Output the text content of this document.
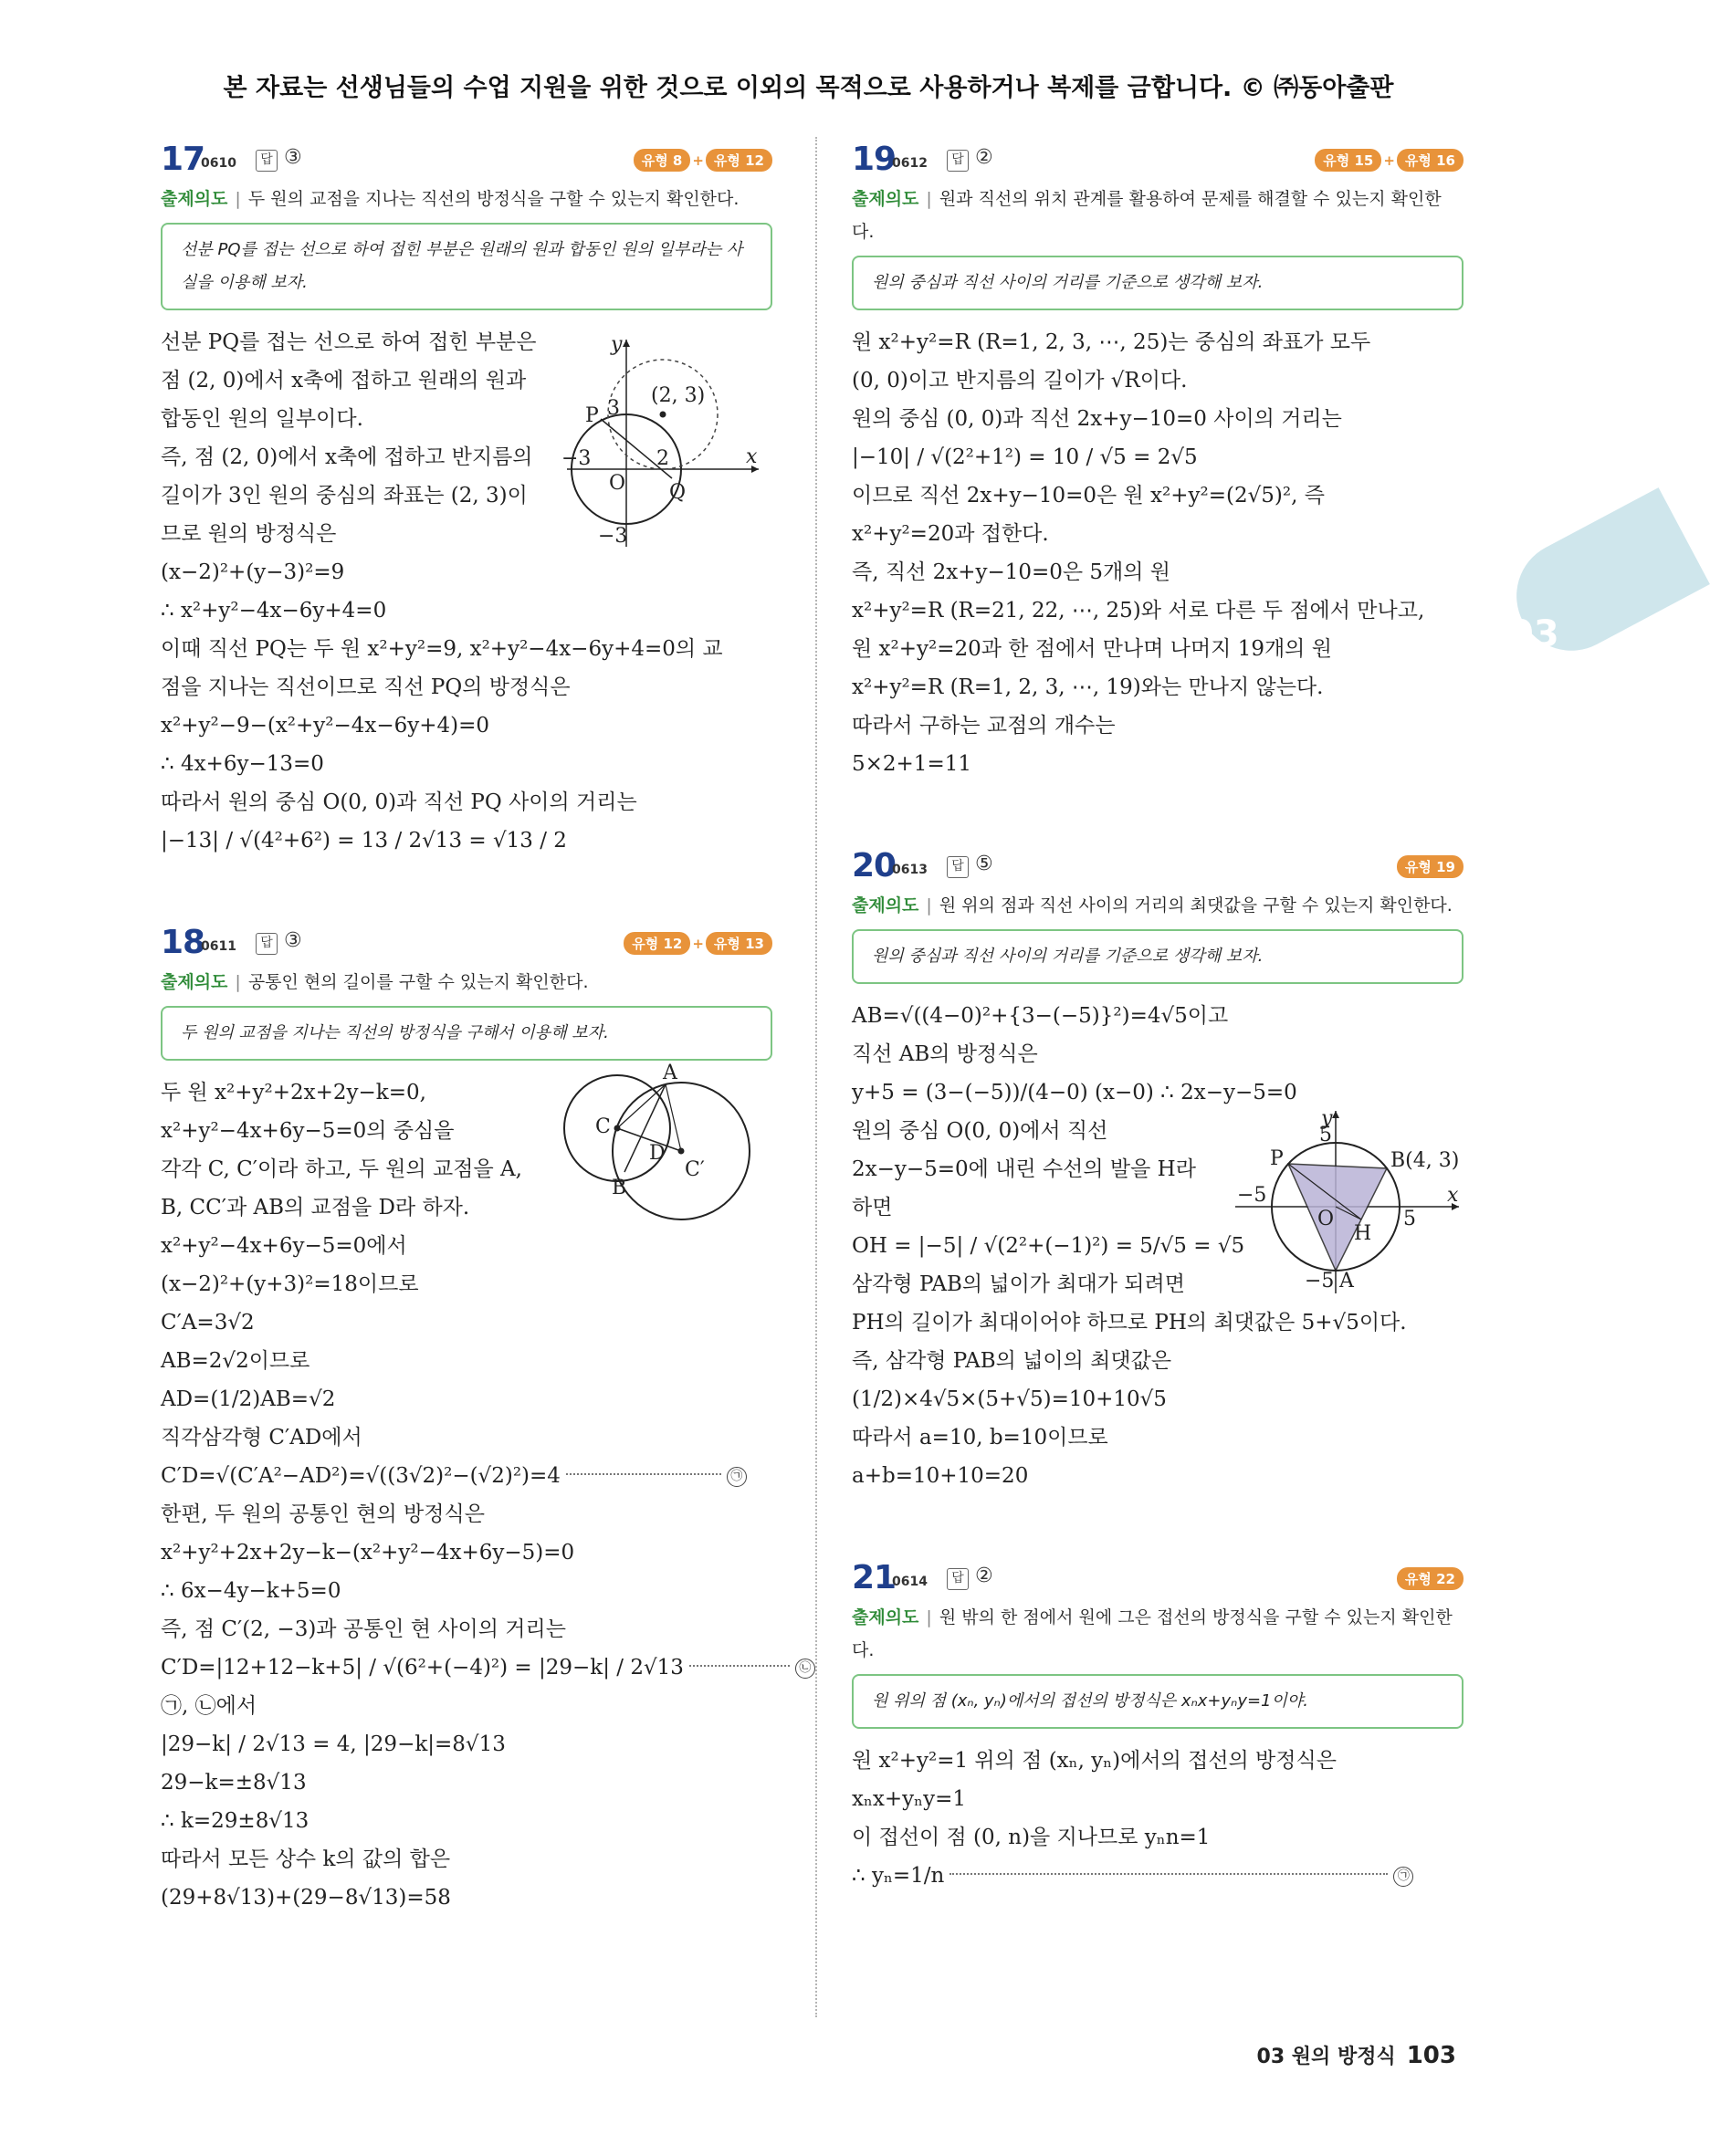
본 자료는 선생님들의 수업 지원을 위한 것으로 이외의 목적으로 사용하거나 복제를 금합니다. © ㈜동아출판
03
17
0610	답 ③	유형 8 + 유형 12
출제의도 | 두 원의 교점을 지나는 직선의 방정식을 구할 수 있는지 확인한다.
선분 PQ를 접는 선으로 하여 접힌 부분은 원래의 원과 합동인 원의 일부라는 사실을 이용해 보자.
선분 PQ를 접는 선으로 하여 접힌 부분은
점 (2, 0)에서 x축에 접하고 원래의 원과
합동인 원의 일부이다.
즉, 점 (2, 0)에서 x축에 접하고 반지름의
길이가 3인 원의 중심의 좌표는 (2, 3)이
므로 원의 방정식은
(x−2)²+(y−3)²=9
∴ x²+y²−4x−6y+4=0
이때 직선 PQ는 두 원 x²+y²=9, x²+y²−4x−6y+4=0의 교
점을 지나는 직선이므로 직선 PQ의 방정식은
x²+y²−9−(x²+y²−4x−6y+4)=0
∴ 4x+6y−13=0
따라서 원의 중심 O(0, 0)과 직선 PQ 사이의 거리는
|−13| / √(4²+6²) = 13 / 2√13 = √13 / 2
y
x
O
P
Q
3
−3	2
−3
(2, 3)
18
0611	답 ③	유형 12 + 유형 13
출제의도 | 공통인 현의 길이를 구할 수 있는지 확인한다.
두 원의 교점을 지나는 직선의 방정식을 구해서 이용해 보자.
두 원 x²+y²+2x+2y−k=0,
x²+y²−4x+6y−5=0의 중심을
각각 C, C′이라 하고, 두 원의 교점을 A,
B, CC′과 AB의 교점을 D라 하자.
x²+y²−4x+6y−5=0에서
(x−2)²+(y+3)²=18이므로
C′A=3√2
AB=2√2이므로
AD=(1/2)AB=√2
직각삼각형 C′AD에서
C′D=√(C′A²−AD²)=√((3√2)²−(√2)²)=4	㉠
한편, 두 원의 공통인 현의 방정식은
x²+y²+2x+2y−k−(x²+y²−4x+6y−5)=0
∴ 6x−4y−k+5=0
즉, 점 C′(2, −3)과 공통인 현 사이의 거리는
C′D=|12+12−k+5| / √(6²+(−4)²) = |29−k| / 2√13	㉡
㉠, ㉡에서
|29−k| / 2√13 = 4, |29−k|=8√13
29−k=±8√13
∴ k=29±8√13
따라서 모든 상수 k의 값의 합은
(29+8√13)+(29−8√13)=58
A
B
C
C′
D
19
0612	답 ②	유형 15 + 유형 16
출제의도 | 원과 직선의 위치 관계를 활용하여 문제를 해결할 수 있는지 확인한다.
원의 중심과 직선 사이의 거리를 기준으로 생각해 보자.
원 x²+y²=R (R=1, 2, 3, ⋯, 25)는 중심의 좌표가 모두
(0, 0)이고 반지름의 길이가 √R이다.
원의 중심 (0, 0)과 직선 2x+y−10=0 사이의 거리는
|−10| / √(2²+1²) = 10 / √5 = 2√5
이므로 직선 2x+y−10=0은 원 x²+y²=(2√5)², 즉
x²+y²=20과 접한다.
즉, 직선 2x+y−10=0은 5개의 원
x²+y²=R (R=21, 22, ⋯, 25)와 서로 다른 두 점에서 만나고,
원 x²+y²=20과 한 점에서 만나며 나머지 19개의 원
x²+y²=R (R=1, 2, 3, ⋯, 19)와는 만나지 않는다.
따라서 구하는 교점의 개수는
5×2+1=11
20
0613	답 ⑤	유형 19
출제의도 | 원 위의 점과 직선 사이의 거리의 최댓값을 구할 수 있는지 확인한다.
원의 중심과 직선 사이의 거리를 기준으로 생각해 보자.
AB=√((4−0)²+{3−(−5)}²)=4√5이고
직선 AB의 방정식은
y+5 = (3−(−5))/(4−0) (x−0) ∴ 2x−y−5=0
원의 중심 O(0, 0)에서 직선
2x−y−5=0에 내린 수선의 발을 H라
하면
OH = |−5| / √(2²+(−1)²) = 5/√5 = √5
삼각형 PAB의 넓이가 최대가 되려면
PH의 길이가 최대이어야 하므로 PH의 최댓값은 5+√5이다.
즉, 삼각형 PAB의 넓이의 최댓값은
(1/2)×4√5×(5+√5)=10+10√5
따라서 a=10, b=10이므로
a+b=10+10=20
y
x
O
P
H
B(4, 3)
A
5
−5
5
−5
21
0614	답 ②	유형 22
출제의도 | 원 밖의 한 점에서 원에 그은 접선의 방정식을 구할 수 있는지 확인한다.
원 위의 점 (xₙ, yₙ)에서의 접선의 방정식은 xₙx+yₙy=1이야.
원 x²+y²=1 위의 점 (xₙ, yₙ)에서의 접선의 방정식은
xₙx+yₙy=1
이 접선이 점 (0, n)을 지나므로 yₙn=1
∴ yₙ=1/n	㉠
03 원의 방정식 103
